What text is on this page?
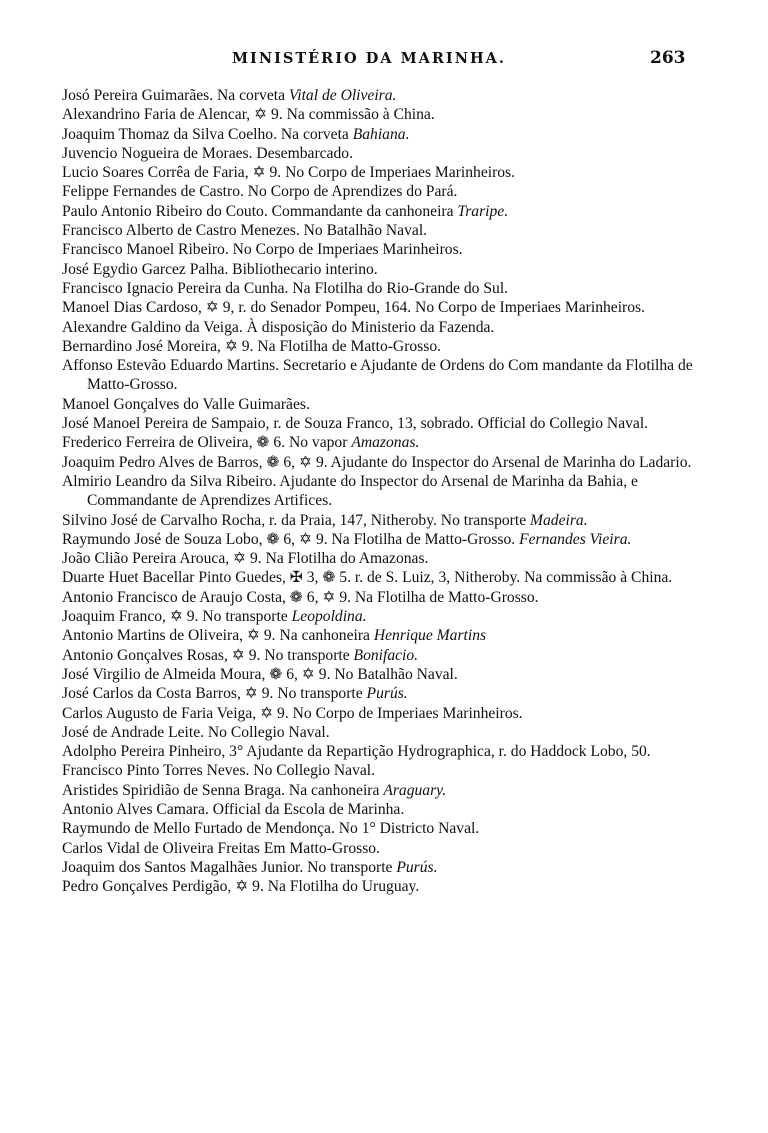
MINISTÉRIO DA MARINHA.	263
Josó Pereira Guimarães. Na corveta Vital de Oliveira.
Alexandrino Faria de Alencar, ✡ 9. Na commissão à China.
Joaquim Thomaz da Silva Coelho. Na corveta Bahiana.
Juvencio Nogueira de Moraes. Desembarcado.
Lucio Soares Corrêa de Faria, ✡ 9. No Corpo de Imperiaes Marinheiros.
Felippe Fernandes de Castro. No Corpo de Aprendizes do Pará.
Paulo Antonio Ribeiro do Couto. Commandante da canhoneira Traripe.
Francisco Alberto de Castro Menezes. No Batalhão Naval.
Francisco Manoel Ribeiro. No Corpo de Imperiaes Marinheiros.
José Egydio Garcez Palha. Bibliothecario interino.
Francisco Ignacio Pereira da Cunha. Na Flotilha do Rio-Grande do Sul.
Manoel Dias Cardoso, ✡ 9, r. do Senador Pompeu, 164. No Corpo de Imperiaes Marinheiros.
Alexandre Galdino da Veiga. À disposição do Ministerio da Fazenda.
Bernardino José Moreira, ✡ 9. Na Flotilha de Matto-Grosso.
Affonso Estevão Eduardo Martins. Secretario e Ajudante de Ordens do Com mandante da Flotilha de Matto-Grosso.
Manoel Gonçalves do Valle Guimarães.
José Manoel Pereira de Sampaio, r. de Souza Franco, 13, sobrado. Official do Collegio Naval.
Frederico Ferreira de Oliveira, ❁ 6. No vapor Amazonas.
Joaquim Pedro Alves de Barros, ❁ 6, ✡ 9. Ajudante do Inspector do Arsenal de Marinha do Ladario.
Almirio Leandro da Silva Ribeiro. Ajudante do Inspector do Arsenal de Marinha da Bahia, e Commandante de Aprendizes Artifices.
Silvino José de Carvalho Rocha, r. da Praia, 147, Nitheroby. No transporte Madeira.
Raymundo José de Souza Lobo, ❁ 6, ✡ 9. Na Flotilha de Matto-Grosso. Fernandes Vieira.
João Clião Pereira Arouca, ✡ 9. Na Flotilha do Amazonas.
Duarte Huet Bacellar Pinto Guedes, ✠ 3, ❁ 5. r. de S. Luiz, 3, Nitheroby. Na commissão à China.
Antonio Francisco de Araujo Costa, ❁ 6, ✡ 9. Na Flotilha de Matto-Grosso.
Joaquim Franco, ✡ 9. No transporte Leopoldina.
Antonio Martins de Oliveira, ✡ 9. Na canhoneira Henrique Martins
Antonio Gonçalves Rosas, ✡ 9. No transporte Bonifacio.
José Virgilio de Almeida Moura, ❁ 6, ✡ 9. No Batalhão Naval.
José Carlos da Costa Barros, ✡ 9. No transporte Purús.
Carlos Augusto de Faria Veiga, ✡ 9. No Corpo de Imperiaes Marinheiros.
José de Andrade Leite. No Collegio Naval.
Adolpho Pereira Pinheiro, 3° Ajudante da Repartição Hydrographica, r. do Haddock Lobo, 50.
Francisco Pinto Torres Neves. No Collegio Naval.
Aristides Spiridião de Senna Braga. Na canhoneira Araguary.
Antonio Alves Camara. Official da Escola de Marinha.
Raymundo de Mello Furtado de Mendonça. No 1° Districto Naval.
Carlos Vidal de Oliveira Freitas Em Matto-Grosso.
Joaquim dos Santos Magalhães Junior. No transporte Purús.
Pedro Gonçalves Perdigão, ✡ 9. Na Flotilha do Uruguay.
